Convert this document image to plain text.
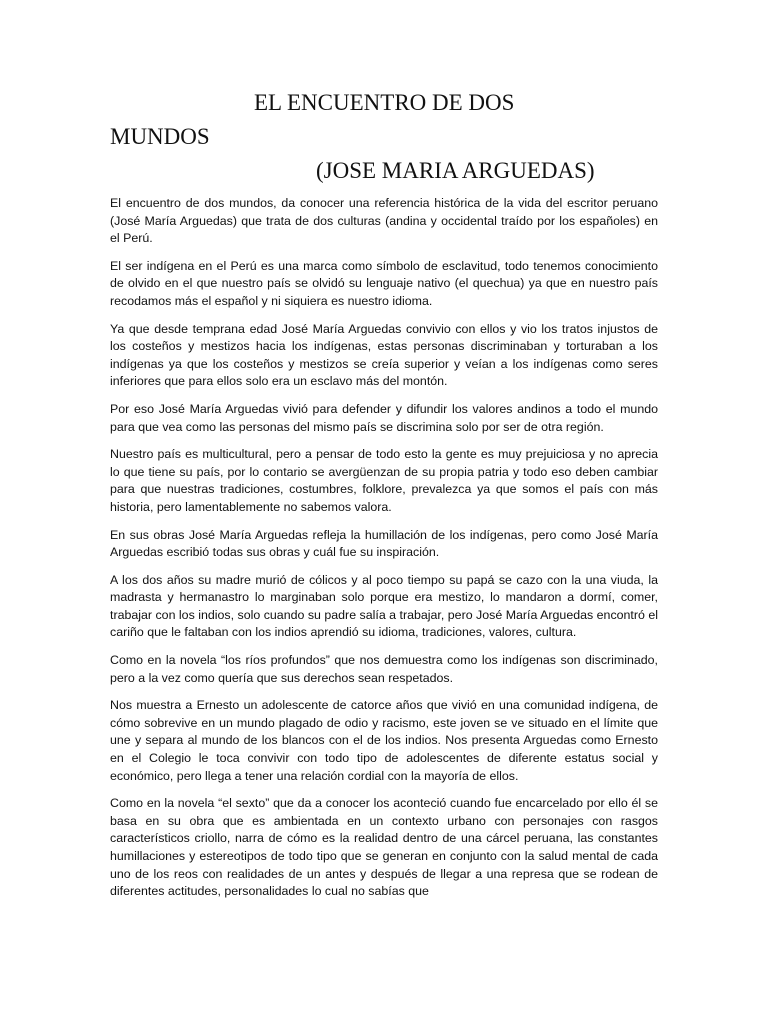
EL ENCUENTRO DE DOS
MUNDOS
(JOSE MARIA ARGUEDAS)

El encuentro de dos mundos, da conocer una referencia histórica de la vida del escritor peruano (José María Arguedas) que trata de dos culturas (andina y occidental traído por los españoles) en el Perú.

El ser indígena en el Perú es una marca como símbolo de esclavitud, todo tenemos conocimiento de olvido en el que nuestro país se olvidó su lenguaje nativo (el quechua) ya que en nuestro país recodamos más el español y ni siquiera es nuestro idioma.

Ya que desde temprana edad José María Arguedas convivio con ellos y vio los tratos injustos de los costeños y mestizos hacia los indígenas, estas personas discriminaban y torturaban a los indígenas ya que los costeños y mestizos se creía superior y veían a los indígenas como seres inferiores que para ellos solo era un esclavo más del montón.

Por eso José María Arguedas vivió para defender y difundir los valores andinos a todo el mundo para que vea como las personas del mismo país se discrimina solo por ser de otra región.

Nuestro país es multicultural, pero a pensar de todo esto la gente es muy prejuiciosa y no aprecia lo que tiene su país, por lo contario se avergüenzan de su propia patria y todo eso deben cambiar para que nuestras tradiciones, costumbres, folklore, prevalezca ya que somos el país con más historia, pero lamentablemente no sabemos valora.

En sus obras José María Arguedas refleja la humillación de los indígenas, pero como José María Arguedas escribió todas sus obras y cuál fue su inspiración.

A los dos años su madre murió de cólicos y al poco tiempo su papá se cazo con la una viuda, la madrasta y hermanastro lo marginaban solo porque era mestizo, lo mandaron a dormí, comer, trabajar con los indios, solo cuando su padre salía a trabajar, pero José María Arguedas encontró el cariño que le faltaban con los indios aprendió su idioma, tradiciones, valores, cultura.

Como en la novela “los ríos profundos” que nos demuestra como los indígenas son discriminado, pero a la vez como quería que sus derechos sean respetados.

Nos muestra a Ernesto un adolescente de catorce años que vivió en una comunidad indígena, de cómo sobrevive en un mundo plagado de odio y racismo, este joven se ve situado en el límite que une y separa al mundo de los blancos con el de los indios. Nos presenta Arguedas como Ernesto en el Colegio le toca convivir con todo tipo de adolescentes de diferente estatus social y económico, pero llega a tener una relación cordial con la mayoría de ellos.

Como en la novela “el sexto” que da a conocer los aconteció cuando fue encarcelado por ello él se basa en su obra que es ambientada en un contexto urbano con personajes con rasgos característicos criollo, narra de cómo es la realidad dentro de una cárcel peruana, las constantes humillaciones y estereotipos de todo tipo que se generan en conjunto con la salud mental de cada uno de los reos con realidades de un antes y después de llegar a una represa que se rodean de diferentes actitudes, personalidades lo cual no sabías que
